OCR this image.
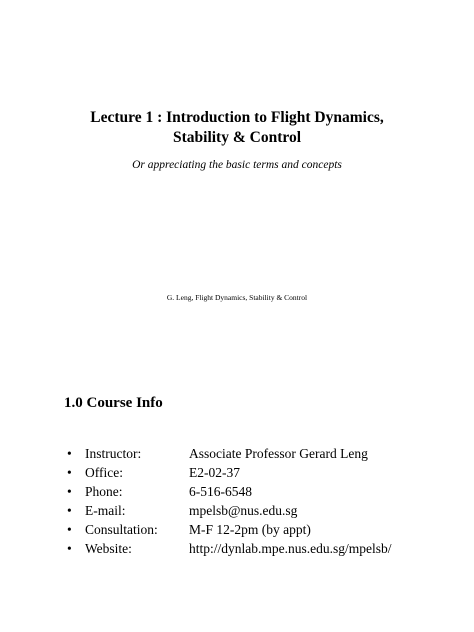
Lecture 1 : Introduction to Flight Dynamics,
Stability & Control
Or appreciating the basic terms and concepts
G. Leng, Flight Dynamics, Stability & Control
1.0 Course Info
• Instructor:	Associate Professor Gerard Leng
• Office:	E2-02-37
• Phone:	6-516-6548
• E-mail:	mpelsb@nus.edu.sg
• Consultation: M-F 12-2pm (by appt)
• Website:	http://dynlab.mpe.nus.edu.sg/mpelsb/
